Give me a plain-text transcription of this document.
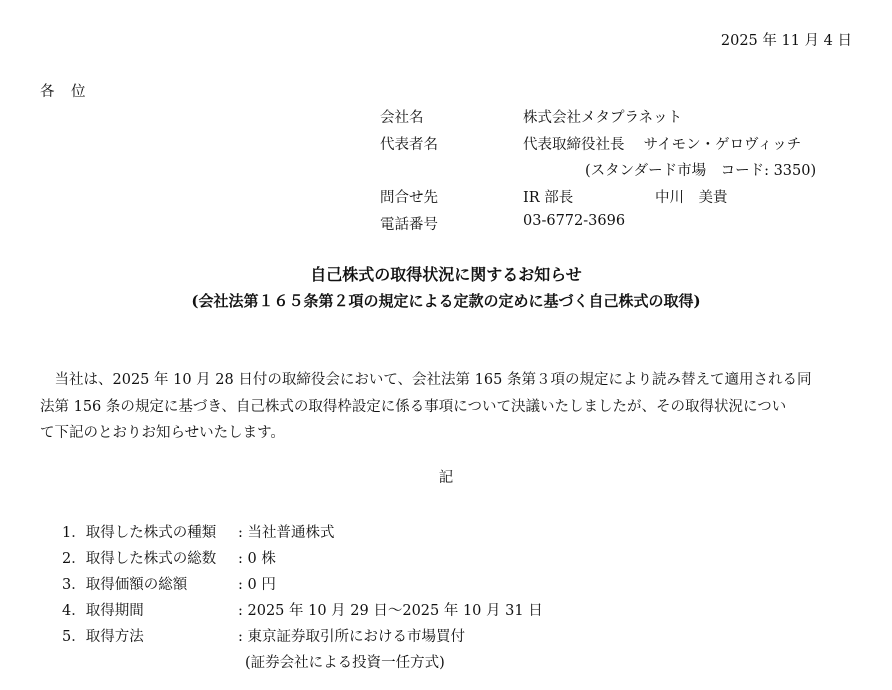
2025 年 11 月 4 日
各　位
会社名	株式会社メタプラネット
代表者名	代表取締役社長　 サイモン・ゲロヴィッチ
(スタンダード市場　コード: 3350)
問合せ先	IR 部長	中川　美貴
電話番号	03-6772-3696
自己株式の取得状況に関するお知らせ
(会社法第１６５条第２項の規定による定款の定めに基づく自己株式の取得)
　当社は、2025 年 10 月 28 日付の取締役会において、会社法第 165 条第３項の規定により読み替えて適用される同
法第 156 条の規定に基づき、自己株式の取得枠設定に係る事項について決議いたしましたが、その取得状況につい
て下記のとおりお知らせいたします。
記
1．取得した株式の種類 : 当社普通株式
2．取得した株式の総数 : 0 株
3．取得価額の総額	: 0 円
4．取得期間	: 2025 年 10 月 29 日～2025 年 10 月 31 日
5．取得方法	: 東京証券取引所における市場買付
(証券会社による投資一任方式)
